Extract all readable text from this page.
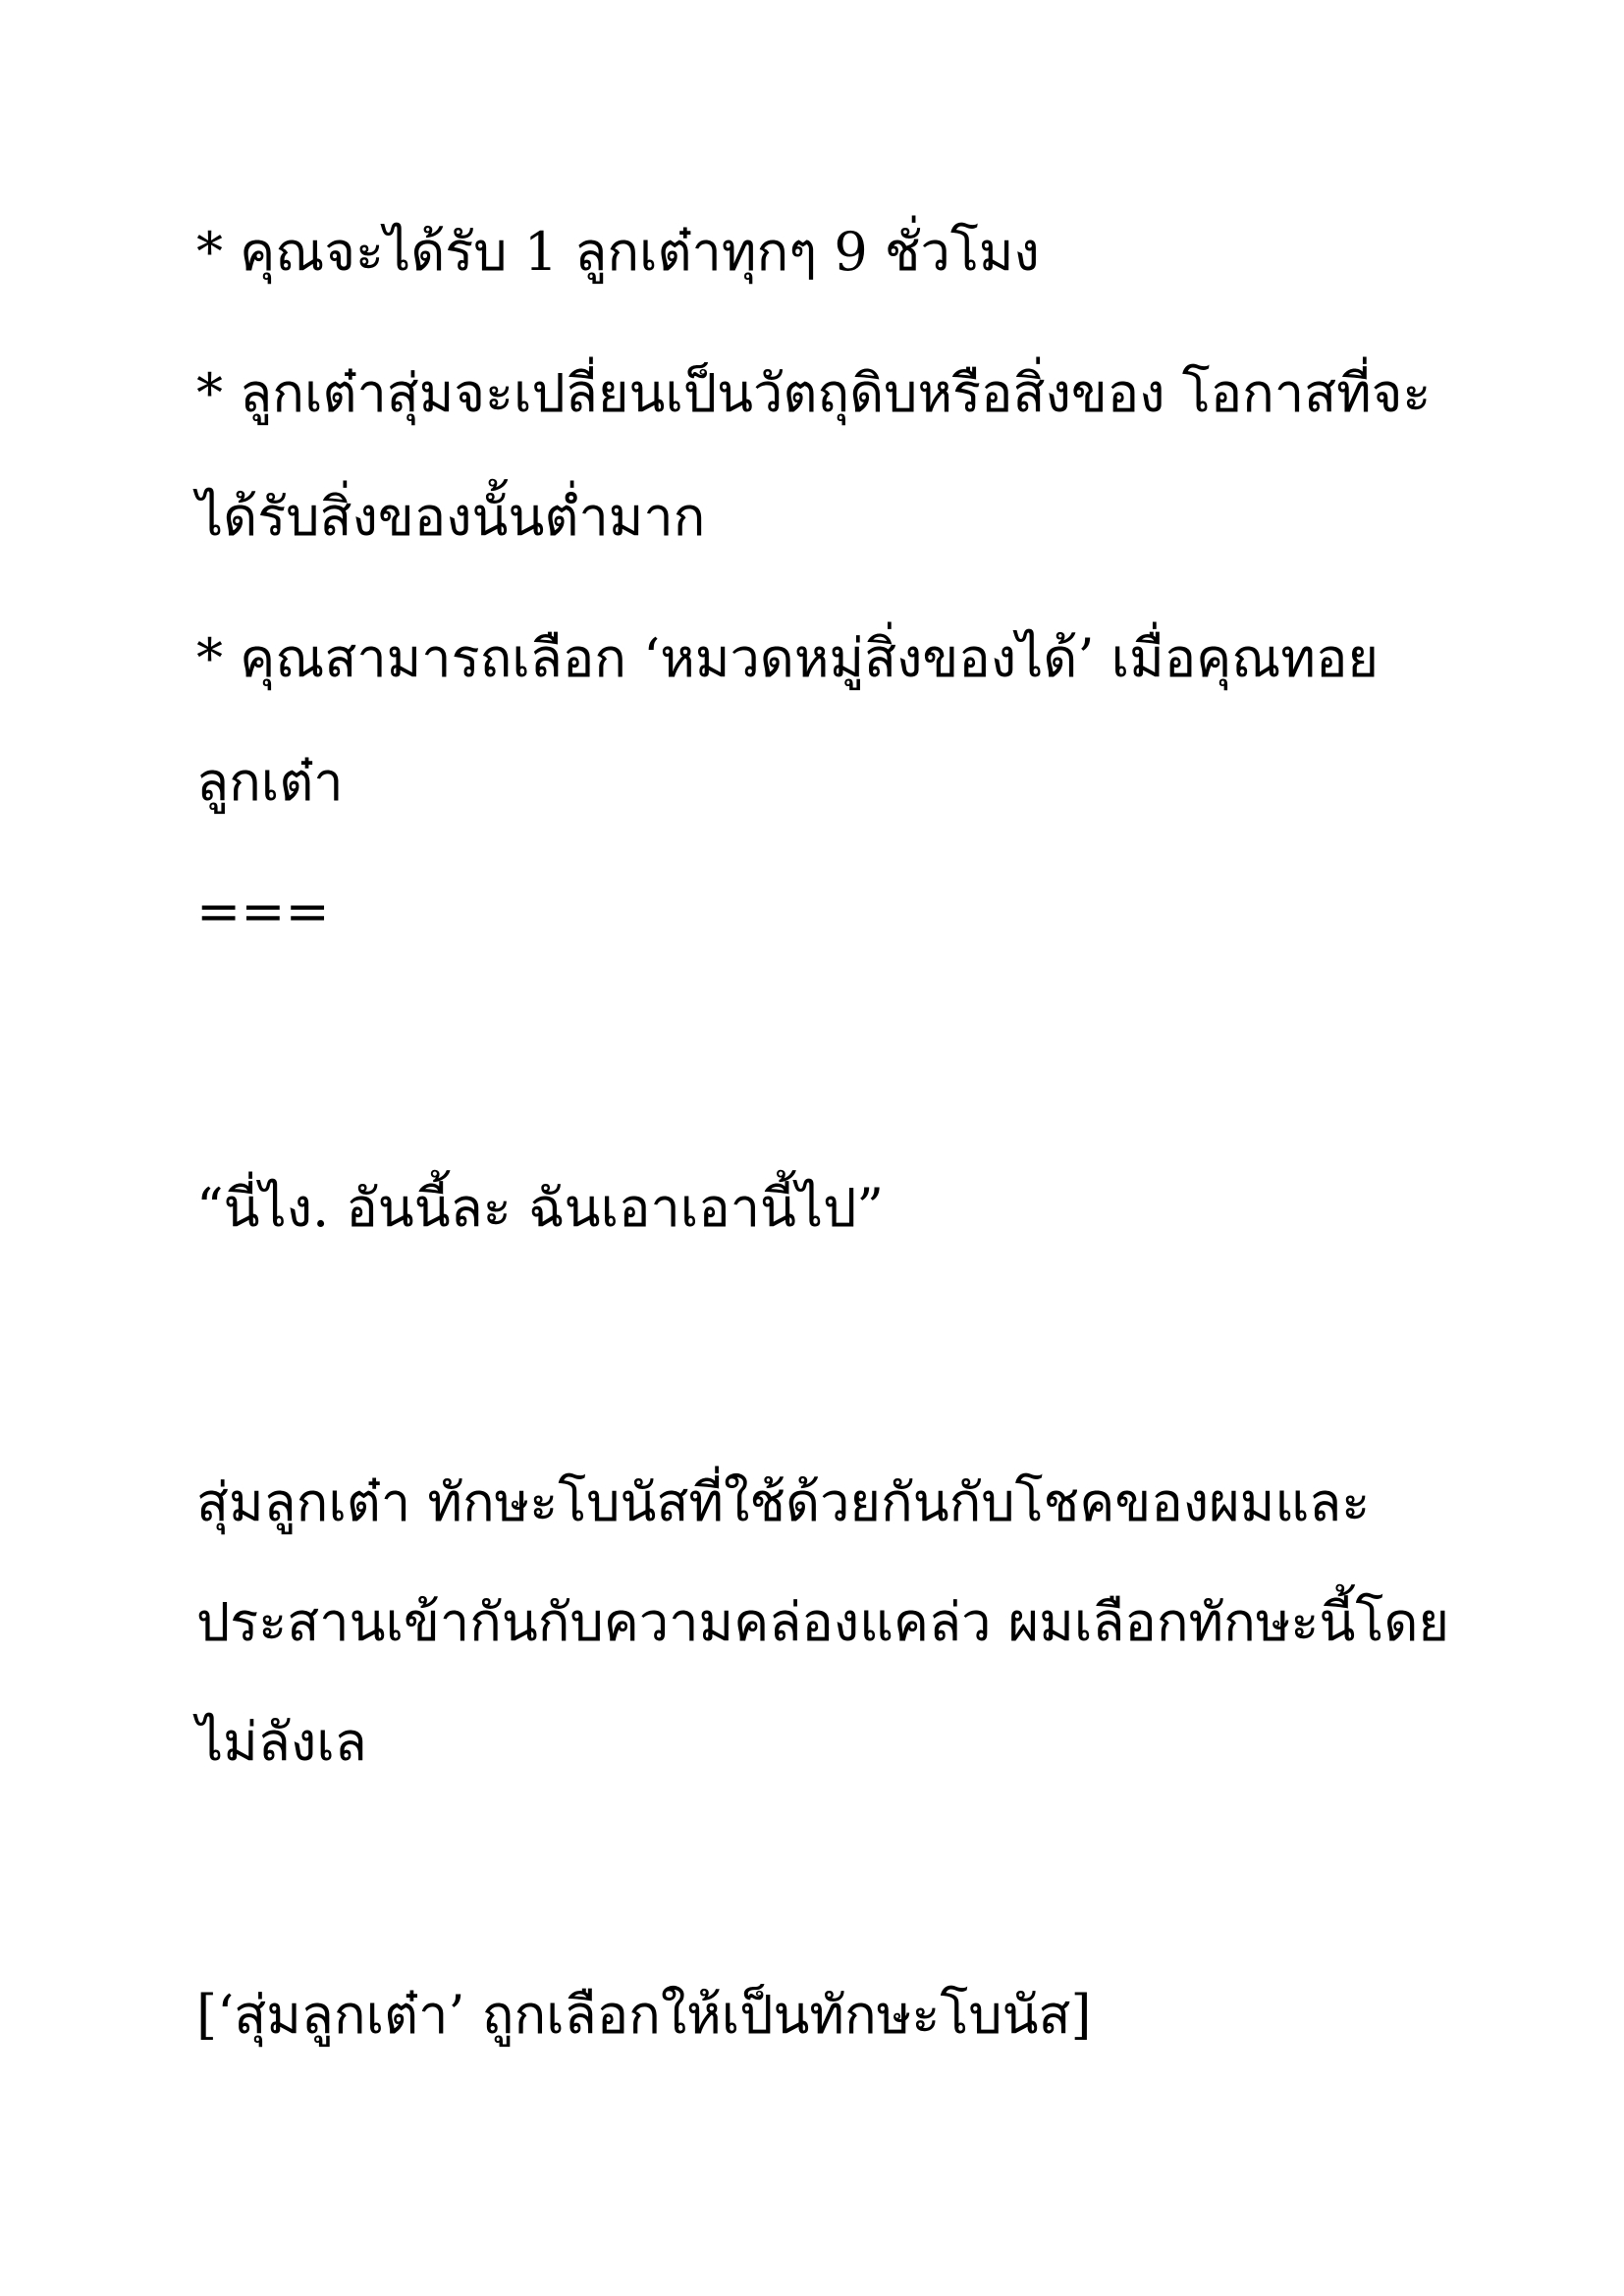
* คุณจะได้รับ 1 ลูกเต๋าทุกๆ 9 ชั่วโมง
* ลูกเต๋าสุ่มจะเปลี่ยนเป็นวัตถุดิบหรือสิ่งของ โอกาสที่จะ
ได้รับสิ่งของนั้นต่ำมาก
* คุณสามารถเลือก ‘หมวดหมู่สิ่งของได้’ เมื่อคุณทอย
ลูกเต๋า
===
“นี่ไง. อันนี้ละ ฉันเอาเอานี้ไป”
สุ่มลูกเต๋า ทักษะโบนัสที่ใช้ด้วยกันกับโชคของผมและ
ประสานเข้ากันกับความคล่องแคล่ว ผมเลือกทักษะนี้โดย
ไม่ลังเล
[‘สุ่มลูกเต๋า’ ถูกเลือกให้เป็นทักษะโบนัส]
